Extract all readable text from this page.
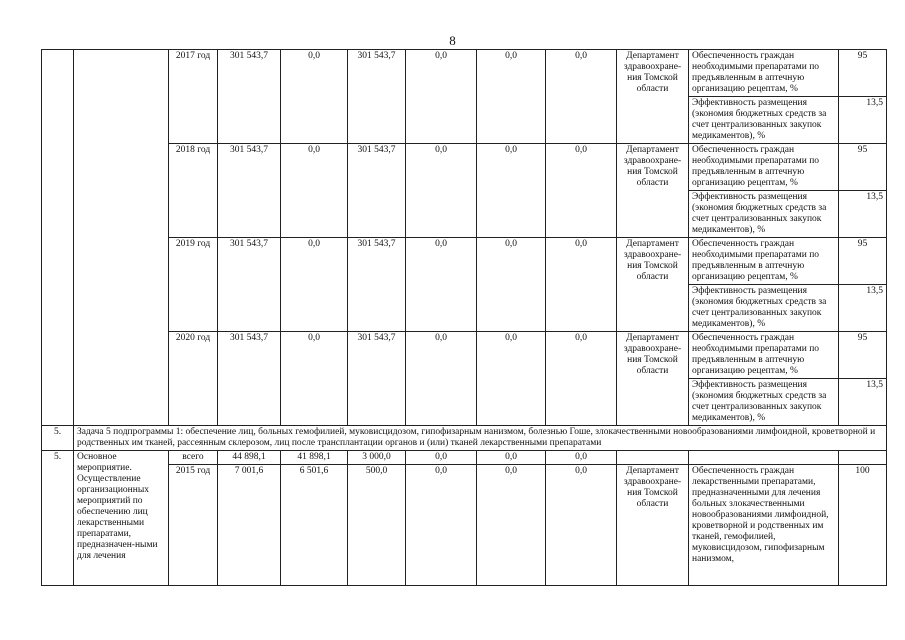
8
		2017 год	301 543,7	0,0	301 543,7	0,0	0,0	0,0	Департамент здравоохране-ния Томской области	Обеспеченность граждан необходимыми препаратами по предъявленным в аптечную организацию рецептам, %	95
										Эффективность размещения (экономия бюджетных средств за счет централизованных закупок медикаментов), %	13,5
		2018 год	301 543,7	0,0	301 543,7	0,0	0,0	0,0	Департамент здравоохране-ния Томской области	Обеспеченность граждан необходимыми препаратами по предъявленным в аптечную организацию рецептам, %	95
										Эффективность размещения (экономия бюджетных средств за счет централизованных закупок медикаментов), %	13,5
		2019 год	301 543,7	0,0	301 543,7	0,0	0,0	0,0	Департамент здравоохране-ния Томской области	Обеспеченность граждан необходимыми препаратами по предъявленным в аптечную организацию рецептам, %	95
										Эффективность размещения (экономия бюджетных средств за счет централизованных закупок медикаментов), %	13,5
		2020 год	301 543,7	0,0	301 543,7	0,0	0,0	0,0	Департамент здравоохране-ния Томской области	Обеспеченность граждан необходимыми препаратами по предъявленным в аптечную организацию рецептам, %	95
										Эффективность размещения (экономия бюджетных средств за счет централизованных закупок медикаментов), %	13,5
5.	Задача 5 подпрограммы 1: обеспечение лиц, больных гемофилией, муковисцидозом, гипофизарным нанизмом, болезнью Гоше, злокачественными новообразованиями лимфоидной, кроветворной и родственных им тканей, рассеянным склерозом, лиц после трансплантации органов и (или) тканей лекарственными препаратами										
5.	Основное мероприятие. Осуществление организационных мероприятий по обеспечению лиц лекарственными препаратами, предназначен-ными для лечения	всего	44 898,1	41 898,1	3 000,0	0,0	0,0	0,0			
		2015 год	7 001,6	6 501,6	500,0	0,0	0,0	0,0	Департамент здравоохране-ния Томской области	Обеспеченность граждан лекарственными препаратами, предназначенными для лечения больных злокачественными новообразованиями лимфоидной, кроветворной и родственных им тканей, гемофилией, муковисцидозом, гипофизарным нанизмом,	100
